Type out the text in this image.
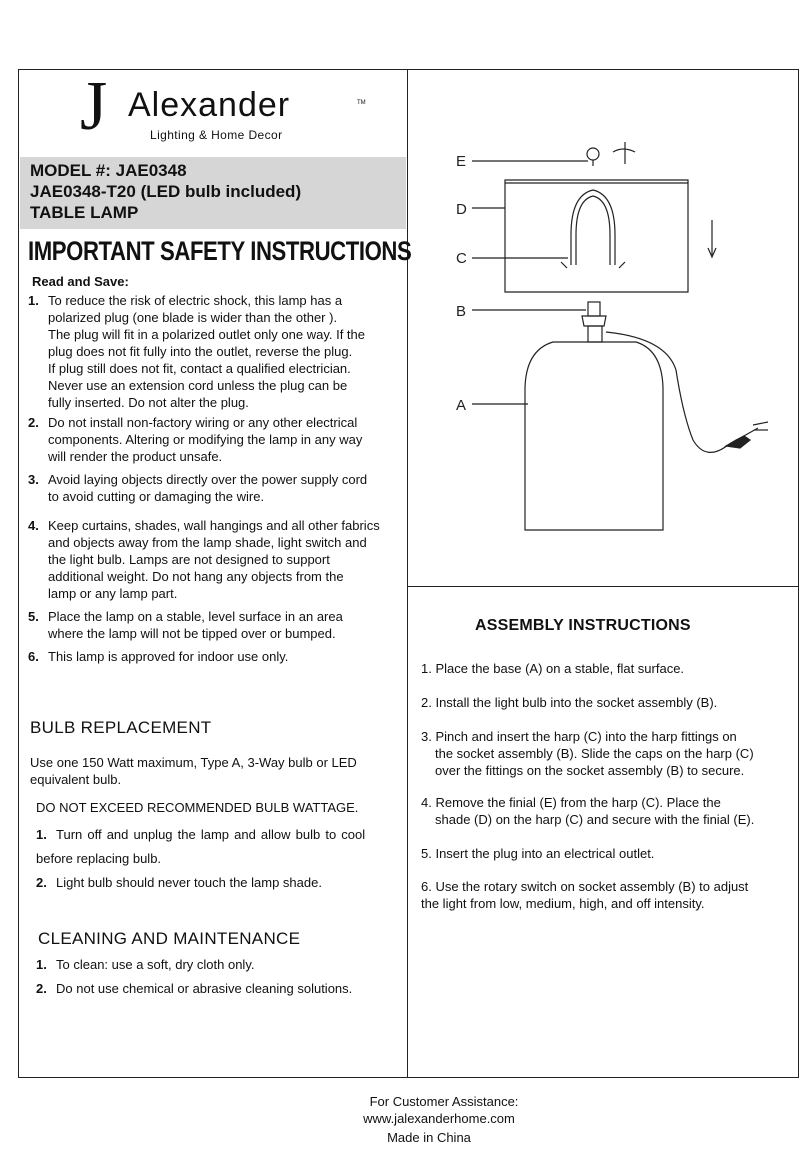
J Alexander	TM
Lighting & Home Decor
MODEL #: JAE0348
JAE0348-T20 (LED bulb included)
TABLE LAMP
IMPORTANT SAFETY INSTRUCTIONS
Read and Save:
1. To reduce the risk of electric shock, this lamp has a
polarized plug (one blade is wider than the other ).
The plug will fit in a polarized outlet only one way. If the
plug does not fit fully into the outlet, reverse the plug.
If plug still does not fit, contact a qualified electrician.
Never use an extension cord unless the plug can be
fully inserted. Do not alter the plug.
2. Do not install non-factory wiring or any other electrical
components. Altering or modifying the lamp in any way
will render the product unsafe.
3. Avoid laying objects directly over the power supply cord
to avoid cutting or damaging the wire.
4. Keep curtains, shades, wall hangings and all other fabrics
and objects away from the lamp shade, light switch and
the light bulb. Lamps are not designed to support
additional weight. Do not hang any objects from the
lamp or any lamp part.
5. Place the lamp on a stable, level surface in an area
where the lamp will not be tipped over or bumped.
6. This lamp is approved for indoor use only.
BULB REPLACEMENT
Use one 150 Watt maximum, Type A, 3-Way bulb or LED
equivalent bulb.
DO NOT EXCEED RECOMMENDED BULB WATTAGE.
1. Turn off and unplug the lamp and allow bulb to cool
before replacing bulb.
2. Light bulb should never touch the lamp shade.
CLEANING AND MAINTENANCE
1. To clean: use a soft, dry cloth only.
2. Do not use chemical or abrasive cleaning solutions.
E
D
C
B
A
ASSEMBLY INSTRUCTIONS
1. Place the base (A) on a stable, flat surface.
2. Install the light bulb into the socket assembly (B).
3. Pinch and insert the harp (C) into the harp fittings on
the socket assembly (B). Slide the caps on the harp (C)
over the fittings on the socket assembly (B) to secure.
4. Remove the finial (E) from the harp (C). Place the
shade (D) on the harp (C) and secure with the finial (E).
5. Insert the plug into an electrical outlet.
6. Use the rotary switch on socket assembly (B) to adjust
the light from low, medium, high, and off intensity.
For Customer Assistance:
www.jalexanderhome.com
Made in China
